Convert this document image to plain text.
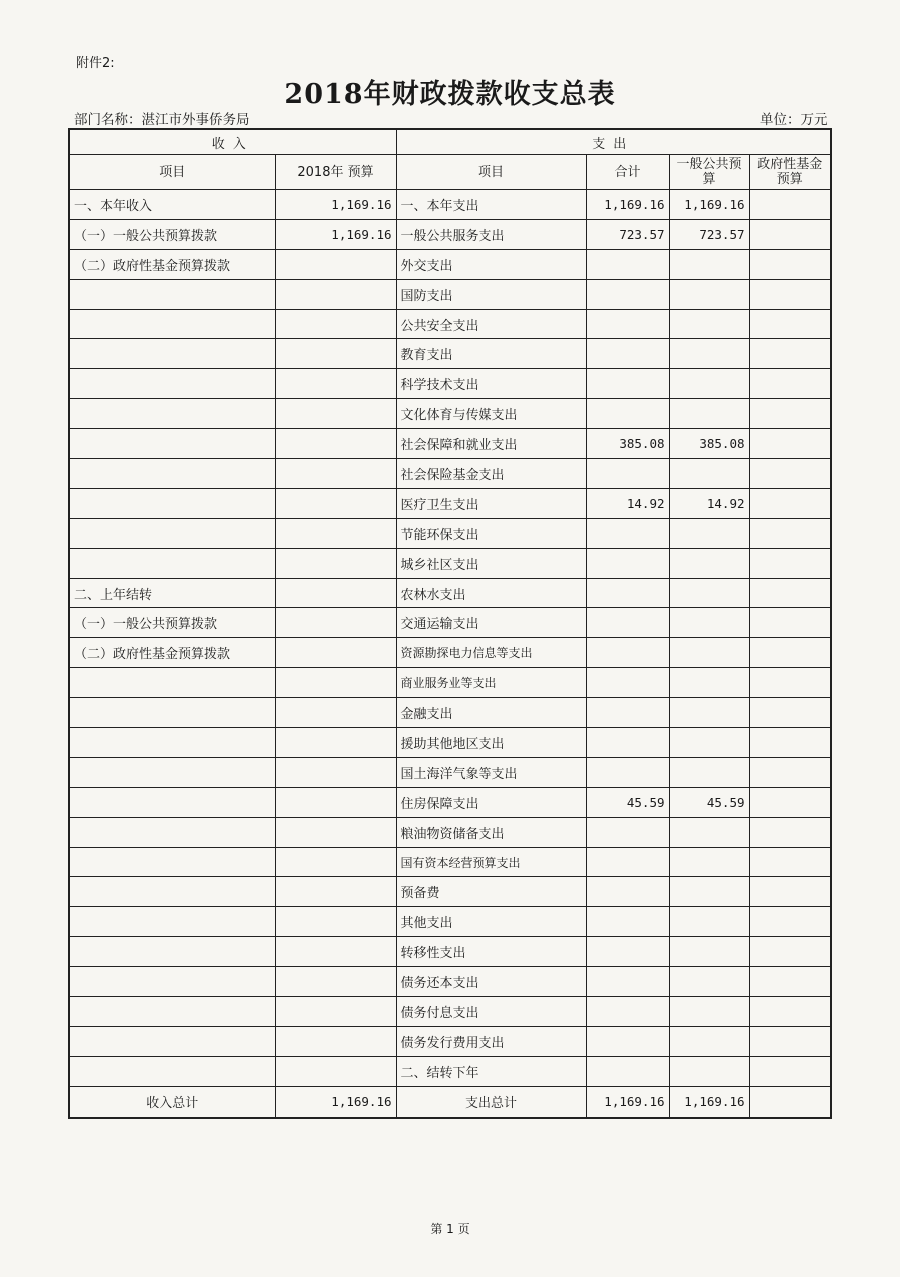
附件2:
2018年财政拨款收支总表
部门名称：湛江市外事侨务局	单位：万元
收入		支出			
项目	2018年 预算	项目	合计	一般公共预算	政府性基金预算
一、本年收入	1,169.16	一、本年支出	1,169.16	1,169.16	
（一）一般公共预算拨款	1,169.16	一般公共服务支出	723.57	723.57	
（二）政府性基金预算拨款		外交支出			
		国防支出			
		公共安全支出			
		教育支出			
		科学技术支出			
		文化体育与传媒支出			
		社会保障和就业支出	385.08	385.08	
		社会保险基金支出			
		医疗卫生支出	14.92	14.92	
		节能环保支出			
		城乡社区支出			
二、上年结转		农林水支出			
（一）一般公共预算拨款		交通运输支出			
（二）政府性基金预算拨款		资源勘探电力信息等支出			
		商业服务业等支出			
		金融支出			
		援助其他地区支出			
		国土海洋气象等支出			
		住房保障支出	45.59	45.59	
		粮油物资储备支出			
		国有资本经营预算支出			
		预备费			
		其他支出			
		转移性支出			
		债务还本支出			
		债务付息支出			
		债务发行费用支出			
		二、结转下年			
收入总计	1,169.16	支出总计	1,169.16	1,169.16	
第 1 页
